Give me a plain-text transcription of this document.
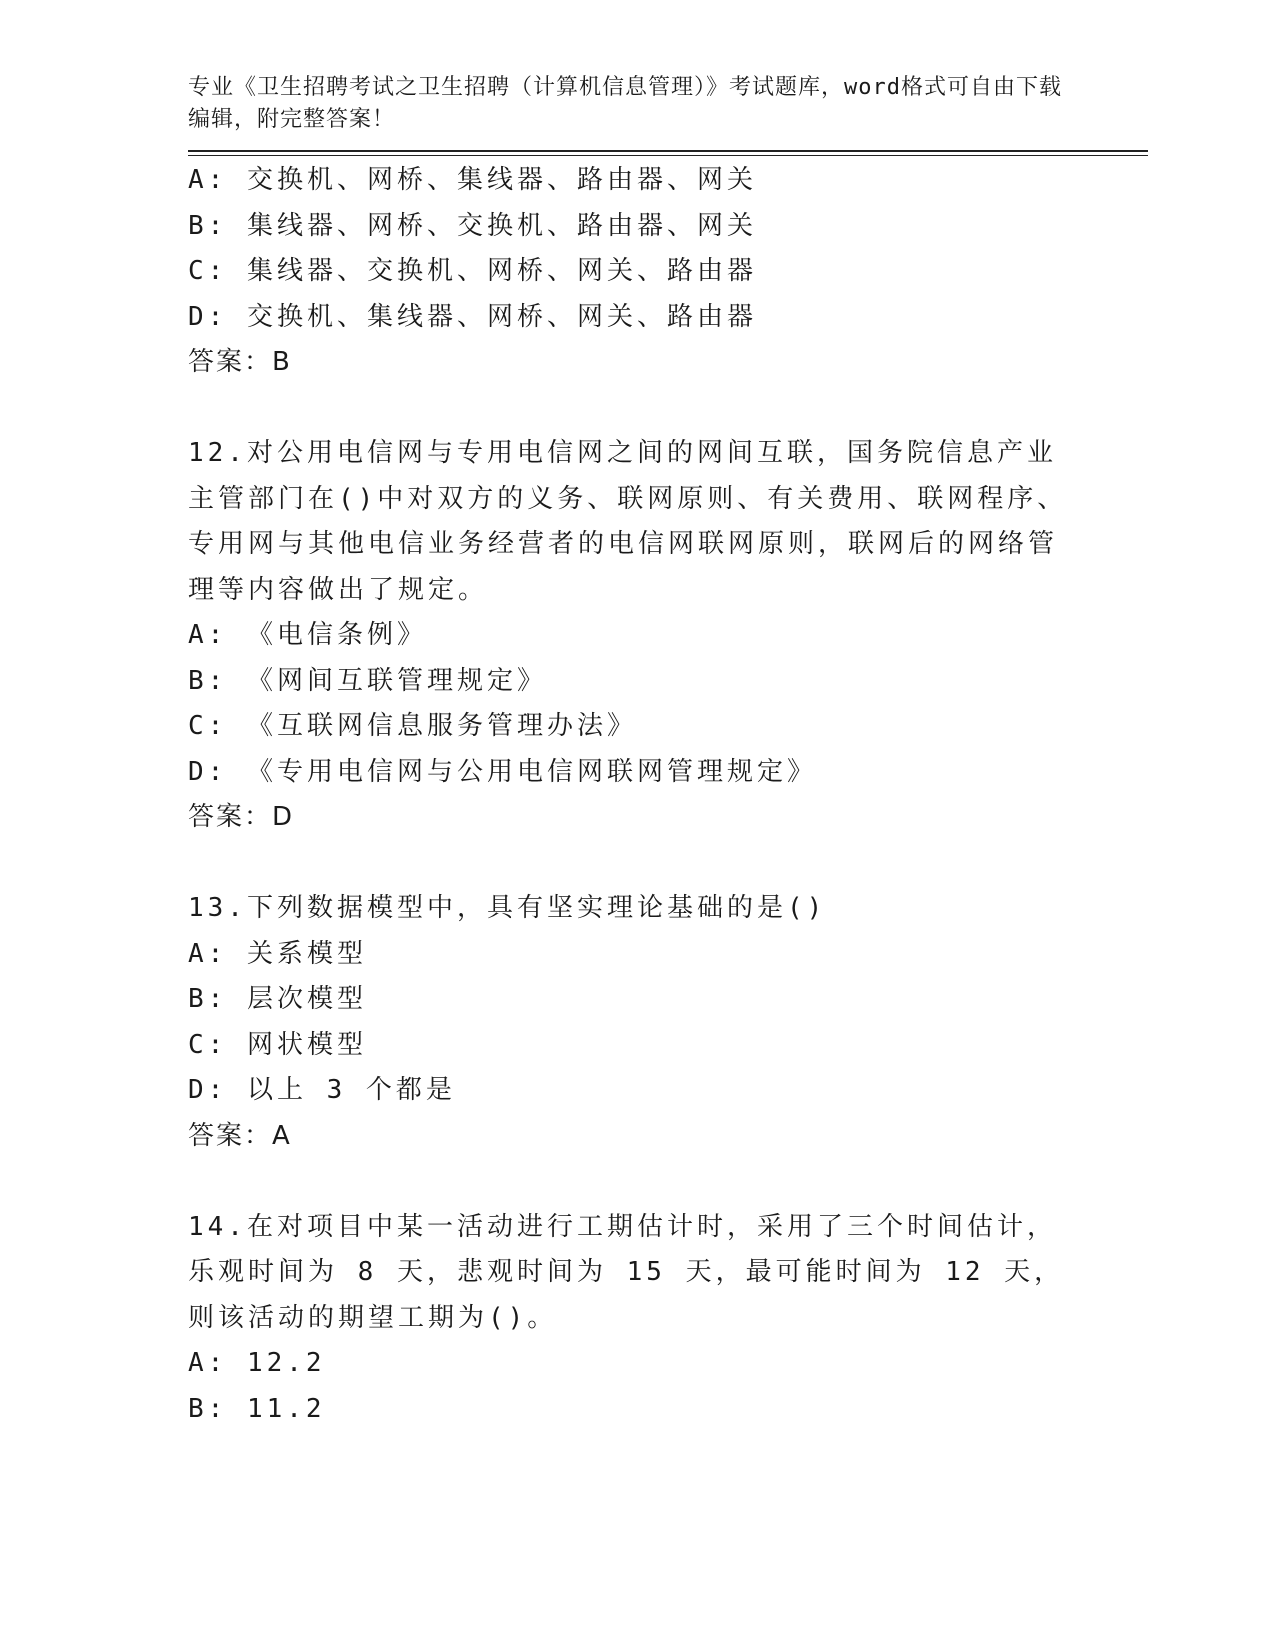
专业《卫生招聘考试之卫生招聘（计算机信息管理）》考试题库，word格式可自由下载编辑，附完整答案！
A: 交换机、网桥、集线器、路由器、网关
B: 集线器、网桥、交换机、路由器、网关
C: 集线器、交换机、网桥、网关、路由器
D: 交换机、集线器、网桥、网关、路由器
答案：B
12.对公用电信网与专用电信网之间的网间互联，国务院信息产业主管部门在()中对双方的义务、联网原则、有关费用、联网程序、专用网与其他电信业务经营者的电信网联网原则，联网后的网络管理等内容做出了规定。
A: 《电信条例》
B: 《网间互联管理规定》
C: 《互联网信息服务管理办法》
D: 《专用电信网与公用电信网联网管理规定》
答案：D
13.下列数据模型中，具有坚实理论基础的是()
A: 关系模型
B: 层次模型
C: 网状模型
D: 以上 3 个都是
答案：A
14.在对项目中某一活动进行工期估计时，采用了三个时间估计，乐观时间为 8 天，悲观时间为 15 天，最可能时间为 12 天，则该活动的期望工期为()。
A: 12.2
B: 11.2
